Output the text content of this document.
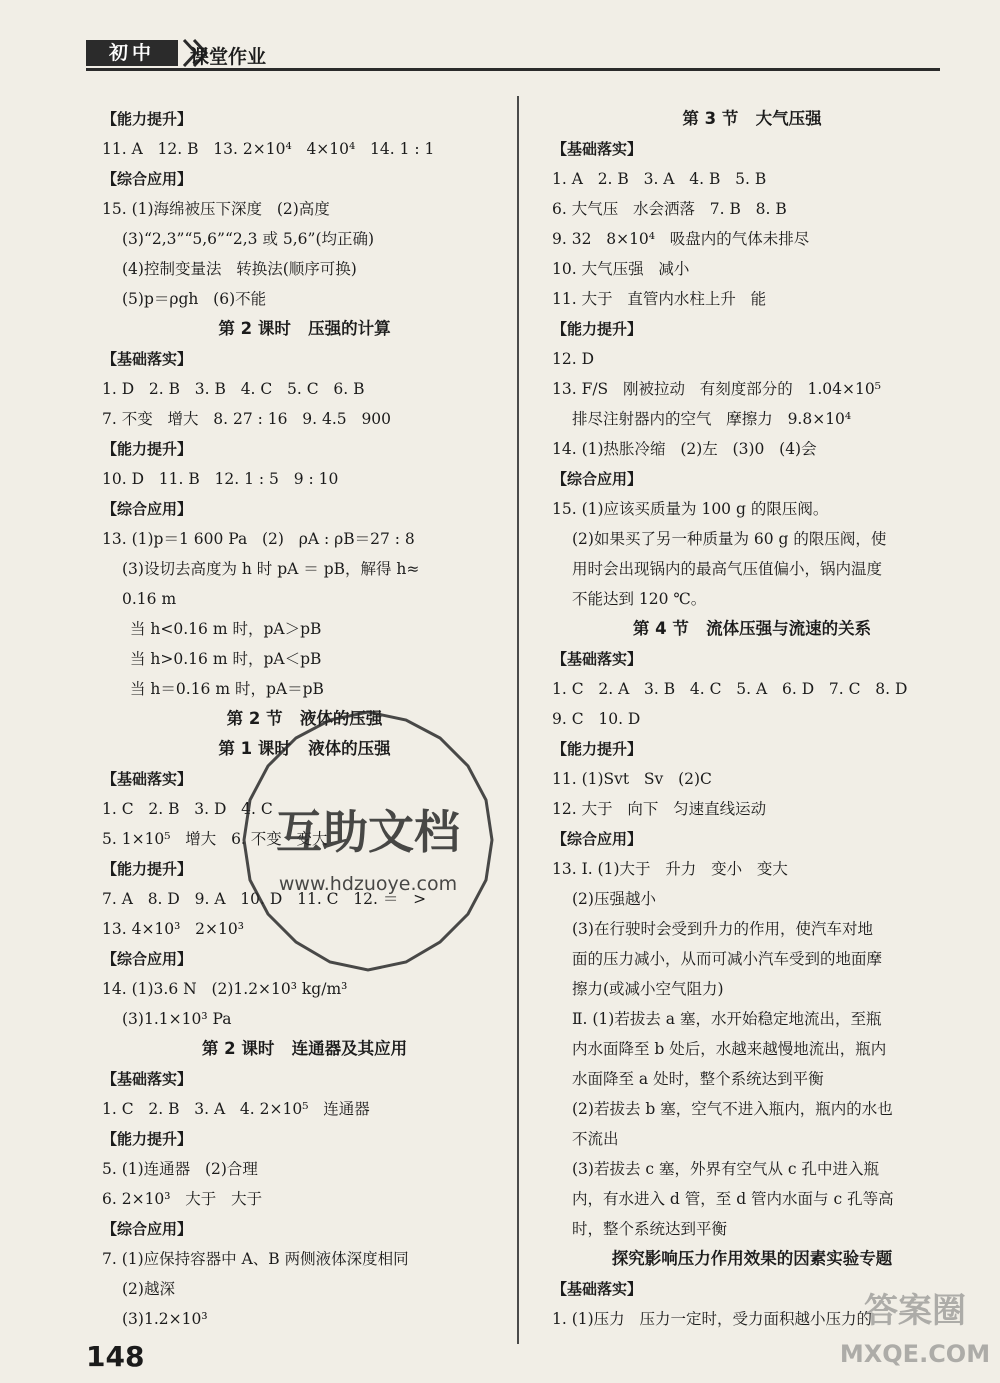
初中	课堂作业
【能力提升】
11. A   12. B   13. 2×10⁴   4×10⁴   14. 1 : 1
【综合应用】
15. (1)海绵被压下深度   (2)高度
(3)“2,3”“5,6”“2,3 或 5,6”(均正确)
(4)控制变量法   转换法(顺序可换)
(5)p＝ρgh   (6)不能
第 2 课时   压强的计算
【基础落实】
1. D   2. B   3. B   4. C   5. C   6. B
7. 不变   增大   8. 27 : 16   9. 4.5   900
【能力提升】
10. D   11. B   12. 1 : 5   9 : 10
【综合应用】
13. (1)p＝1 600 Pa   (2)   ρA : ρB＝27 : 8
(3)设切去高度为 h 时 pA ＝ pB，解得 h≈
0.16 m
当 h<0.16 m 时，pA＞pB
当 h>0.16 m 时，pA＜pB
当 h＝0.16 m 时，pA＝pB
第 2 节   液体的压强
第 1 课时   液体的压强
【基础落实】
1. C   2. B   3. D   4. C
5. 1×10⁵   增大   6. 不变   变大
【能力提升】
7. A   8. D   9. A   10. D   11. C   12. ＝   >
13. 4×10³   2×10³
【综合应用】
14. (1)3.6 N   (2)1.2×10³ kg/m³
(3)1.1×10³ Pa
第 2 课时   连通器及其应用
【基础落实】
1. C   2. B   3. A   4. 2×10⁵   连通器
【能力提升】
5. (1)连通器   (2)合理
6. 2×10³   大于   大于
【综合应用】
7. (1)应保持容器中 A、B 两侧液体深度相同
(2)越深
(3)1.2×10³
第 3 节   大气压强
【基础落实】
1. A   2. B   3. A   4. B   5. B
6. 大气压   水会洒落   7. B   8. B
9. 32   8×10⁴   吸盘内的气体未排尽
10. 大气压强   减小
11. 大于   直管内水柱上升   能
【能力提升】
12. D
13. F/S   刚被拉动   有刻度部分的   1.04×10⁵
排尽注射器内的空气   摩擦力   9.8×10⁴
14. (1)热胀冷缩   (2)左   (3)0   (4)会
【综合应用】
15. (1)应该买质量为 100 g 的限压阀。
(2)如果买了另一种质量为 60 g 的限压阀，使
用时会出现锅内的最高气压值偏小，锅内温度
不能达到 120 ℃。
第 4 节   流体压强与流速的关系
【基础落实】
1. C   2. A   3. B   4. C   5. A   6. D   7. C   8. D
9. C   10. D
【能力提升】
11. (1)Svt   Sv   (2)C
12. 大于   向下   匀速直线运动
【综合应用】
13. Ⅰ. (1)大于   升力   变小   变大
(2)压强越小
(3)在行驶时会受到升力的作用，使汽车对地
面的压力减小，从而可减小汽车受到的地面摩
擦力(或减小空气阻力)
Ⅱ. (1)若拔去 a 塞，水开始稳定地流出，至瓶
内水面降至 b 处后，水越来越慢地流出，瓶内
水面降至 a 处时，整个系统达到平衡
(2)若拔去 b 塞，空气不进入瓶内，瓶内的水也
不流出
(3)若拔去 c 塞，外界有空气从 c 孔中进入瓶
内，有水进入 d 管，至 d 管内水面与 c 孔等高
时，整个系统达到平衡
探究影响压力作用效果的因素实验专题
【基础落实】
1. (1)压力   压力一定时，受力面积越小压力的
互助文档
www.hdzuoye.com
答案圈
MXQE.COM
148
